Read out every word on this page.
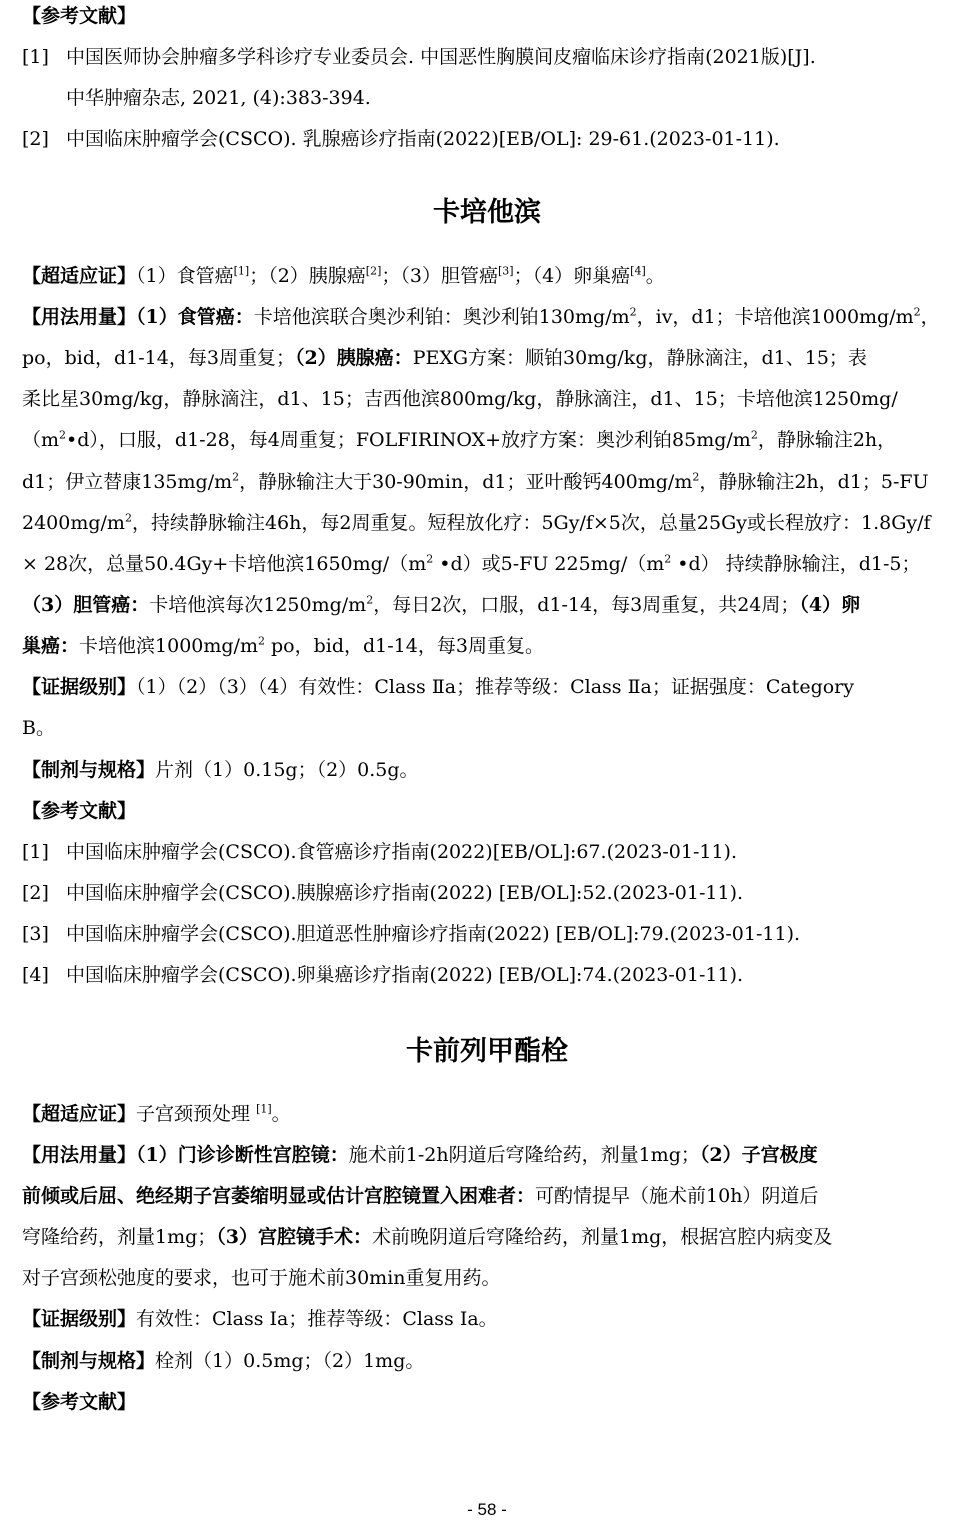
【参考文献】
[1] 中国医师协会肿瘤多学科诊疗专业委员会. 中国恶性胸膜间皮瘤临床诊疗指南(2021版)[J].
中华肿瘤杂志, 2021, (4):383-394.
[2] 中国临床肿瘤学会(CSCO). 乳腺癌诊疗指南(2022)[EB/OL]: 29-61.(2023-01-11).
卡培他滨
【超适应证】（1）食管癌[1]；（2）胰腺癌[2]；（3）胆管癌[3]；（4）卵巢癌[4]。
【用法用量】（1）食管癌：卡培他滨联合奥沙利铂：奥沙利铂$130mg/m^2$，iv，d1；卡培他滨$1000mg/m^2$，
po，bid，d1-14，每3周重复；（2）胰腺癌：PEXG方案：顺铂30mg/kg，静脉滴注，d1、15；表
柔比星30mg/kg，静脉滴注，d1、15；吉西他滨800mg/kg，静脉滴注，d1、15；卡培他滨1250mg/
$(m^2•d)$，口服，d1-28，每4周重复；FOLFIRINOX+放疗方案：奥沙利铂$85mg/m^2$，静脉输注2h，
d1；伊立替康$135mg/m^2$，静脉输注大于30-90min，d1；亚叶酸钙$400mg/m^2$，静脉输注2h，d1；5-FU
$2400mg/m^2$，持续静脉输注46h，每2周重复。短程放化疗：5Gy/f×5次，总量25Gy或长程放疗：1.8Gy/f
× 28次，总量50.4Gy+卡培他滨$1650mg/(m^2$ •d）或5-FU $225mg/(m^2$ •d） 持续静脉输注，d1-5；
（3）胆管癌：卡培他滨每次$1250mg/m^2$，每日2次，口服，d1-14，每3周重复，共24周；（4）卵
巢癌：卡培他滨$1000mg/m^2$ po，bid，d1-14，每3周重复。
【证据级别】（1）（2）（3）（4）有效性：Class Ⅱa；推荐等级：Class Ⅱa；证据强度：Category
B。
【制剂与规格】片剂（1）0.15g；（2）0.5g。
【参考文献】
[1] 中国临床肿瘤学会(CSCO).食管癌诊疗指南(2022)[EB/OL]:67.(2023-01-11).
[2] 中国临床肿瘤学会(CSCO).胰腺癌诊疗指南(2022) [EB/OL]:52.(2023-01-11).
[3] 中国临床肿瘤学会(CSCO).胆道恶性肿瘤诊疗指南(2022) [EB/OL]:79.(2023-01-11).
[4] 中国临床肿瘤学会(CSCO).卵巢癌诊疗指南(2022) [EB/OL]:74.(2023-01-11).
卡前列甲酯栓
【超适应证】子宫颈预处理 [1]。
【用法用量】（1）门诊诊断性宫腔镜：施术前1-2h阴道后穹隆给药，剂量1mg；（2）子宫极度
前倾或后屈、绝经期子宫萎缩明显或估计宫腔镜置入困难者：可酌情提早（施术前10h）阴道后
穹隆给药，剂量1mg；（3）宫腔镜手术：术前晚阴道后穹隆给药，剂量1mg，根据宫腔内病变及
对子宫颈松弛度的要求，也可于施术前30min重复用药。
【证据级别】有效性：Class Ⅰa；推荐等级：Class Ⅰa。
【制剂与规格】栓剂（1）0.5mg；（2）1mg。
【参考文献】
- 58 -
